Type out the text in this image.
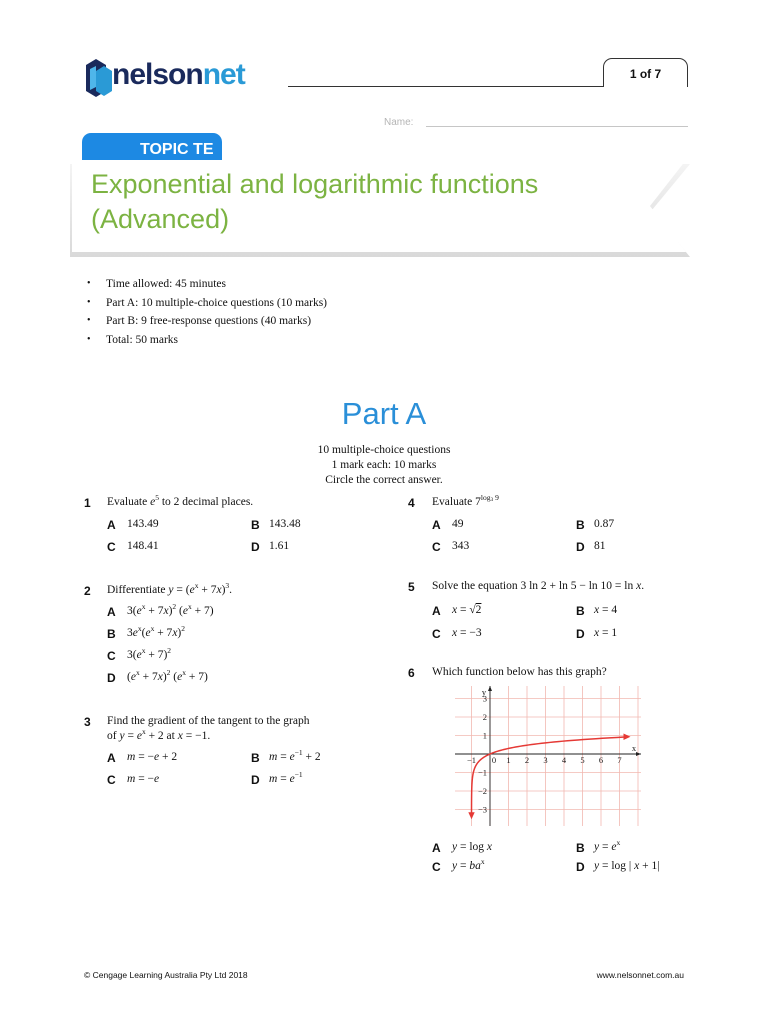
nelsonnet	1 of 7
Name:
TOPIC TE
Exponential and logarithmic functions
(Advanced)
• Time allowed: 45 minutes
• Part A: 10 multiple-choice questions (10 marks)
• Part B: 9 free-response questions (40 marks)
• Total: 50 marks
Part A
10 multiple-choice questions
1 mark each: 10 marks
Circle the correct answer.
1 Evaluate $e^5$ to 2 decimal places.
A 143.49	B 143.48
C 148.41	D 1.61
2 Differentiate $y = (e^x + 7x)^3$.
A $3(e^x + 7x)^2$ $(e^x + 7)$
B $3e^x(e^x + 7x)^2$
C $3(e^x + 7)^2$
D $(e^x + 7x)^2$ $(e^x + 7)$
3 Find the gradient of the tangent to the graph
of $y = e^x + 2$ at x = −1.
A m = −e + 2	B $m = e^{-1} + 2$
C m = −e	D $m = e^{-1}$
4 Evaluate $7^{log3 9}$
A 49	B 0.87
C 343	D 81
5 Solve the equation 3 ln 2 + ln 5 − ln 10 = ln x.
A x = √2	B x = 4
C x = −3	D x = 1
6 Which function below has this graph?
−1 0 1 2 3 4 5 6 7
1
2
3
−1
−2
−3
x
y
A y = log x	B $y = e^x$
C $y = ba^x$	D y = log | x + 1|
© Cengage Learning Australia Pty Ltd 2018	www.nelsonnet.com.au
